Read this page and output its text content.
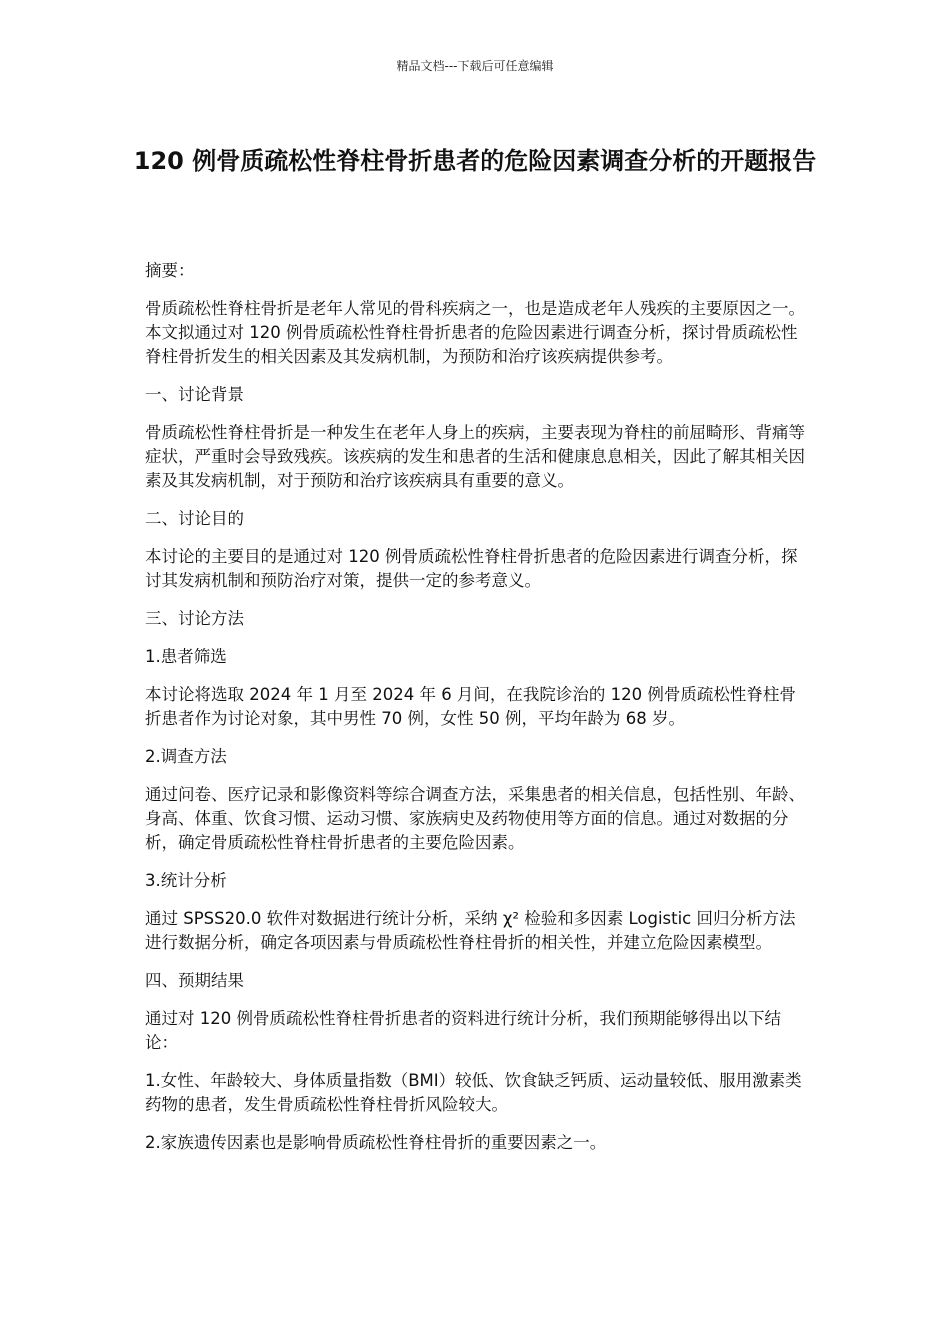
精品文档---下载后可任意编辑
120 例骨质疏松性脊柱骨折患者的危险因素调查分析的开题报告

摘要：

骨质疏松性脊柱骨折是老年人常见的骨科疾病之一，也是造成老年人残疾的主要原因之一。本文拟通过对 120 例骨质疏松性脊柱骨折患者的危险因素进行调查分析，探讨骨质疏松性脊柱骨折发生的相关因素及其发病机制，为预防和治疗该疾病提供参考。

一、讨论背景

骨质疏松性脊柱骨折是一种发生在老年人身上的疾病，主要表现为脊柱的前屈畸形、背痛等症状，严重时会导致残疾。该疾病的发生和患者的生活和健康息息相关，因此了解其相关因素及其发病机制，对于预防和治疗该疾病具有重要的意义。

二、讨论目的

本讨论的主要目的是通过对 120 例骨质疏松性脊柱骨折患者的危险因素进行调查分析，探讨其发病机制和预防治疗对策，提供一定的参考意义。

三、讨论方法

1.患者筛选

本讨论将选取 2024 年 1 月至 2024 年 6 月间，在我院诊治的 120 例骨质疏松性脊柱骨折患者作为讨论对象，其中男性 70 例，女性 50 例，平均年龄为 68 岁。

2.调查方法

通过问卷、医疗记录和影像资料等综合调查方法，采集患者的相关信息，包括性别、年龄、身高、体重、饮食习惯、运动习惯、家族病史及药物使用等方面的信息。通过对数据的分析，确定骨质疏松性脊柱骨折患者的主要危险因素。

3.统计分析

通过 SPSS20.0 软件对数据进行统计分析，采纳 χ² 检验和多因素 Logistic 回归分析方法进行数据分析，确定各项因素与骨质疏松性脊柱骨折的相关性，并建立危险因素模型。

四、预期结果

通过对 120 例骨质疏松性脊柱骨折患者的资料进行统计分析，我们预期能够得出以下结论：

1.女性、年龄较大、身体质量指数（BMI）较低、饮食缺乏钙质、运动量较低、服用激素类药物的患者，发生骨质疏松性脊柱骨折风险较大。

2.家族遗传因素也是影响骨质疏松性脊柱骨折的重要因素之一。
